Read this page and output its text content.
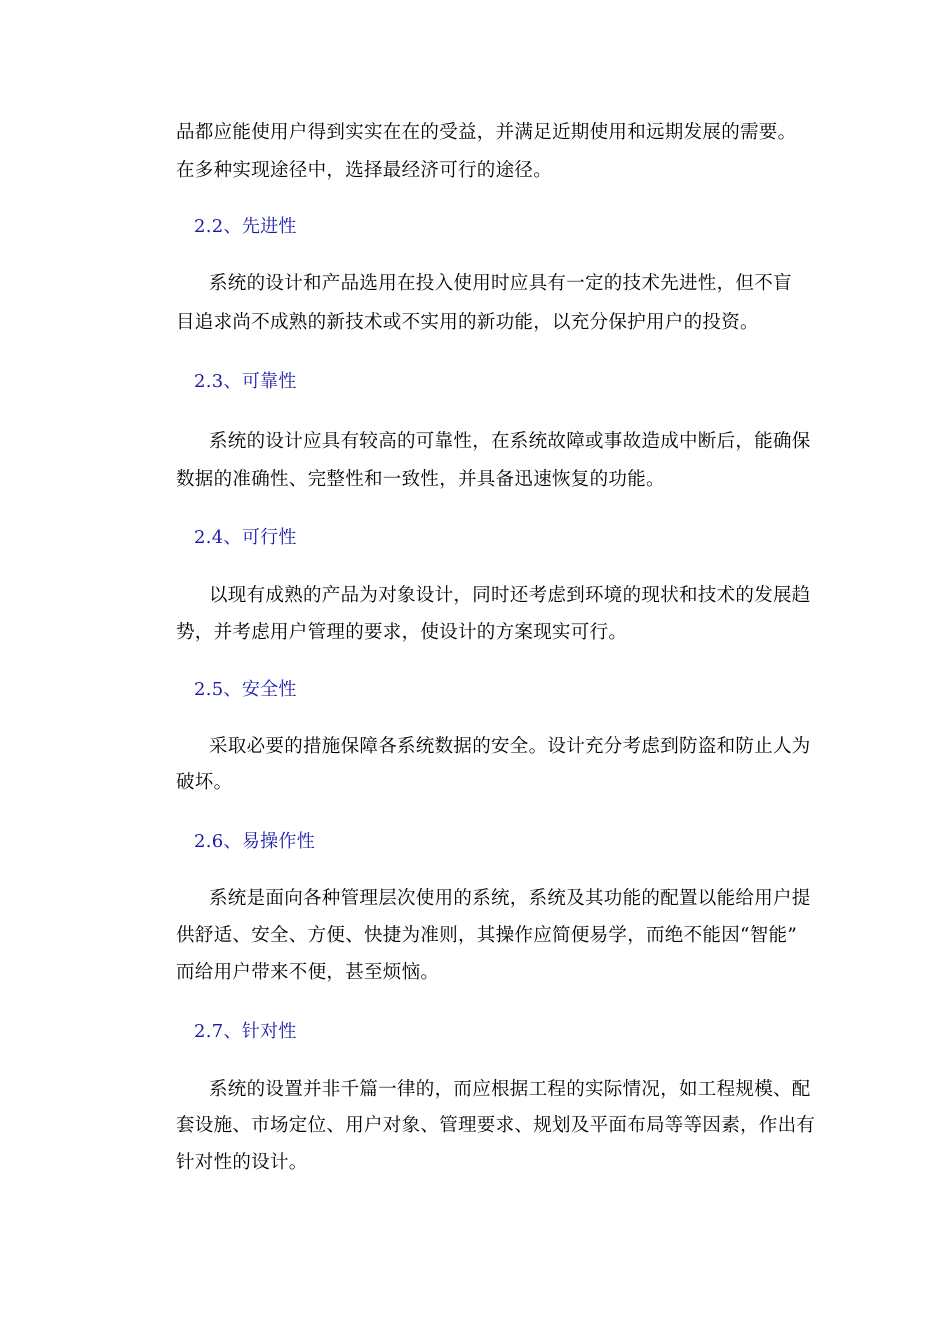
品都应能使用户得到实实在在的受益，并满足近期使用和远期发展的需要。
在多种实现途径中，选择最经济可行的途径。
2.2、先进性
系统的设计和产品选用在投入使用时应具有一定的技术先进性，但不盲
目追求尚不成熟的新技术或不实用的新功能，以充分保护用户的投资。
2.3、可靠性
系统的设计应具有较高的可靠性，在系统故障或事故造成中断后，能确保
数据的准确性、完整性和一致性，并具备迅速恢复的功能。
2.4、可行性
以现有成熟的产品为对象设计，同时还考虑到环境的现状和技术的发展趋
势，并考虑用户管理的要求，使设计的方案现实可行。
2.5、安全性
采取必要的措施保障各系统数据的安全。设计充分考虑到防盗和防止人为
破坏。
2.6、易操作性
系统是面向各种管理层次使用的系统，系统及其功能的配置以能给用户提
供舒适、安全、方便、快捷为准则，其操作应简便易学，而绝不能因“智能”
而给用户带来不便，甚至烦恼。
2.7、针对性
系统的设置并非千篇一律的，而应根据工程的实际情况，如工程规模、配
套设施、市场定位、用户对象、管理要求、规划及平面布局等等因素，作出有
针对性的设计。
